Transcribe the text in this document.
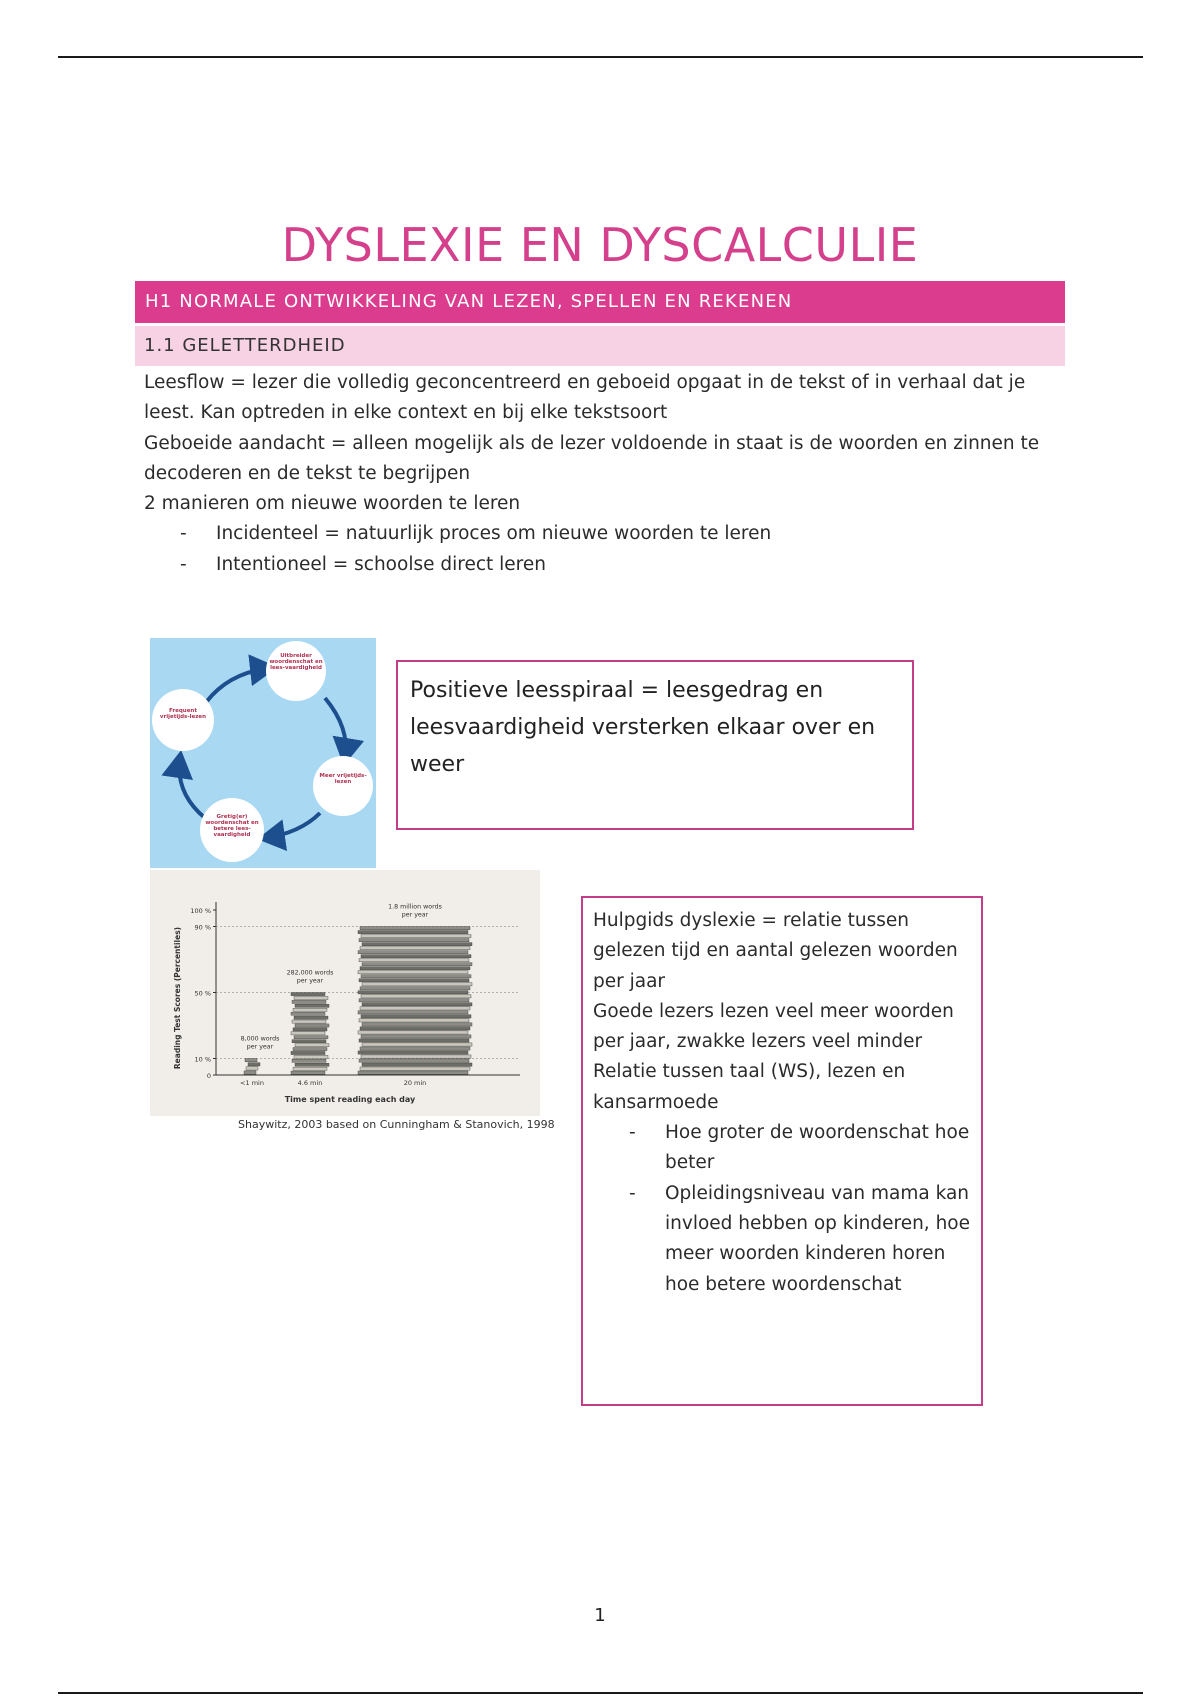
DYSLEXIE EN DYSCALCULIE
H1 NORMALE ONTWIKKELING VAN LEZEN, SPELLEN EN REKENEN
1.1 GELETTERDHEID

Leesflow = lezer die volledig geconcentreerd en geboeid opgaat in de tekst of in verhaal dat je leest. Kan optreden in elke context en bij elke tekstsoort

Geboeide aandacht = alleen mogelijk als de lezer voldoende in staat is de woorden en zinnen te decoderen en de tekst te begrijpen

2 manieren om nieuwe woorden te leren

- Incidenteel = natuurlijk proces om nieuwe woorden te leren
- Intentioneel = schoolse direct leren
Uitbreider woordenschat en lees-vaardigheid
Meer vrijetijds-lezen
Gretig(er) woordenschat en betere lees-vaardigheid
Frequent vrijetijds-lezen
Positieve leesspiraal = leesgedrag en leesvaardigheid versterken elkaar over en weer
Reading Test Scores (Percentiles)
Time spent reading each day
0
10 %
50 %
90 %
100 %
<1 min
8,000 words per year
4.6 min
282,000 words per year
20 min
1.8 million words per year
Shaywitz, 2003 based on Cunningham & Stanovich, 1998

Hulpgids dyslexie = relatie tussen gelezen tijd en aantal gelezen woorden per jaar

Goede lezers lezen veel meer woorden per jaar, zwakke lezers veel minder

Relatie tussen taal (WS), lezen en kansarmoede

- Hoe groter de woordenschat hoe beter
- Opleidingsniveau van mama kan invloed hebben op kinderen, hoe meer woorden kinderen horen hoe betere woordenschat
1
